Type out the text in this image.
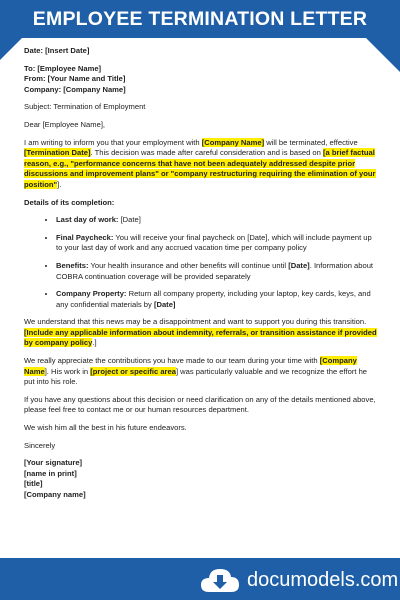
EMPLOYEE TERMINATION LETTER

Date: [Insert Date]

To: [Employee Name]
From: [Your Name and Title]
Company: [Company Name]

Subject: Termination of Employment

Dear [Employee Name],

I am writing to inform you that your employment with [Company Name] will be terminated, effective [Termination Date]. This decision was made after careful consideration and is based on [a brief factual reason, e.g., "performance concerns that have not been adequately addressed despite prior discussions and improvement plans" or "company restructuring requiring the elimination of your position"].

Details of its completion:

• Last day of work: [Date]
• Final Paycheck: You will receive your final paycheck on [Date], which will include payment up to your last day of work and any accrued vacation time per company policy
• Benefits: Your health insurance and other benefits will continue until [Date]. Information about COBRA continuation coverage will be provided separately
• Company Property: Return all company property, including your laptop, key cards, keys, and any confidential materials by [Date]

We understand that this news may be a disappointment and want to support you during this transition. [Include any applicable information about indemnity, referrals, or transition assistance if provided by company policy.]

We really appreciate the contributions you have made to our team during your time with [Company Name]. His work in [project or specific area] was particularly valuable and we recognize the effort he put into his role.

If you have any questions about this decision or need clarification on any of the details mentioned above, please feel free to contact me or our human resources department.

We wish him all the best in his future endeavors.

Sincerely

[Your signature]
[name in print]
[title]
[Company name]
documodels.com
